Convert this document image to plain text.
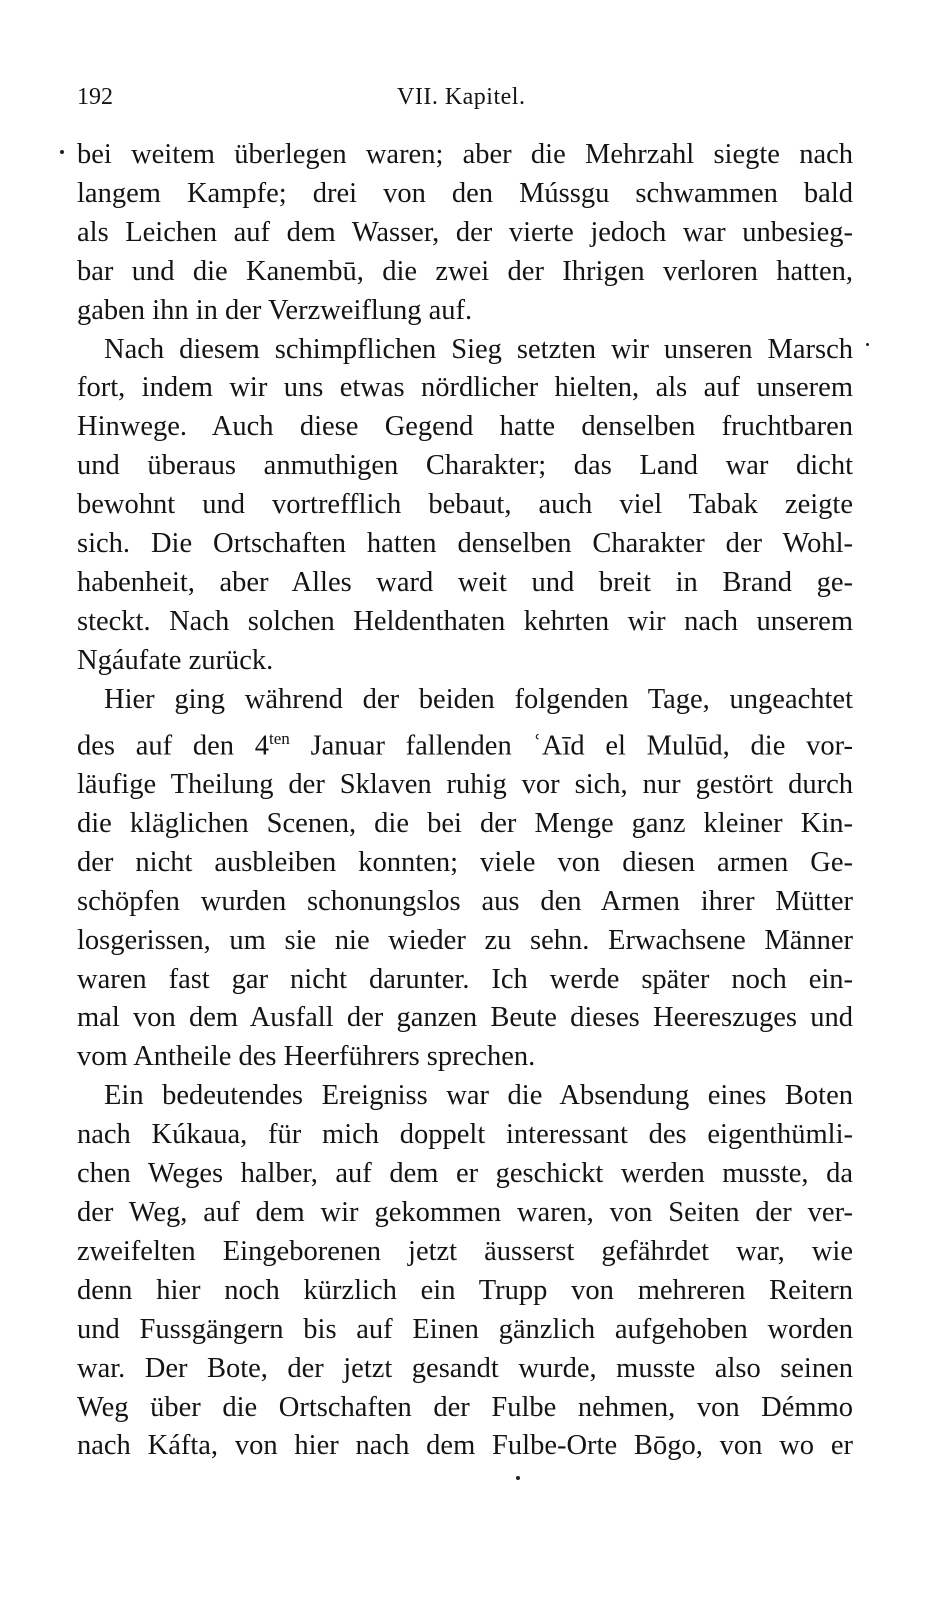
192	VII. Kapitel.

bei weitem überlegen waren; aber die Mehrzahl siegte nach
langem Kampfe; drei von den Mússgu schwammen bald
als Leichen auf dem Wasser, der vierte jedoch war unbesieg-
bar und die Kanembū, die zwei der Ihrigen verloren hatten,
gaben ihn in der Verzweiflung auf.

Nach diesem schimpflichen Sieg setzten wir unseren Marsch
fort, indem wir uns etwas nördlicher hielten, als auf unserem
Hinwege. Auch diese Gegend hatte denselben fruchtbaren
und überaus anmuthigen Charakter; das Land war dicht
bewohnt und vortrefflich bebaut, auch viel Tabak zeigte
sich. Die Ortschaften hatten denselben Charakter der Wohl-
habenheit, aber Alles ward weit und breit in Brand ge-
steckt. Nach solchen Heldenthaten kehrten wir nach unserem
Ngáufate zurück.

Hier ging während der beiden folgenden Tage, ungeachtet
des auf den $4^{ten}$ Januar fallenden ʿAīd el Mulūd, die vor-
läufige Theilung der Sklaven ruhig vor sich, nur gestört durch
die kläglichen Scenen, die bei der Menge ganz kleiner Kin-
der nicht ausbleiben konnten; viele von diesen armen Ge-
schöpfen wurden schonungslos aus den Armen ihrer Mütter
losgerissen, um sie nie wieder zu sehn. Erwachsene Männer
waren fast gar nicht darunter. Ich werde später noch ein-
mal von dem Ausfall der ganzen Beute dieses Heereszuges und
vom Antheile des Heerführers sprechen.

Ein bedeutendes Ereigniss war die Absendung eines Boten
nach Kúkaua, für mich doppelt interessant des eigenthümli-
chen Weges halber, auf dem er geschickt werden musste, da
der Weg, auf dem wir gekommen waren, von Seiten der ver-
zweifelten Eingeborenen jetzt äusserst gefährdet war, wie
denn hier noch kürzlich ein Trupp von mehreren Reitern
und Fussgängern bis auf Einen gänzlich aufgehoben worden
war. Der Bote, der jetzt gesandt wurde, musste also seinen
Weg über die Ortschaften der Fulbe nehmen, von Démmo
nach Káfta, von hier nach dem Fulbe-Orte Bōgo, von wo er
